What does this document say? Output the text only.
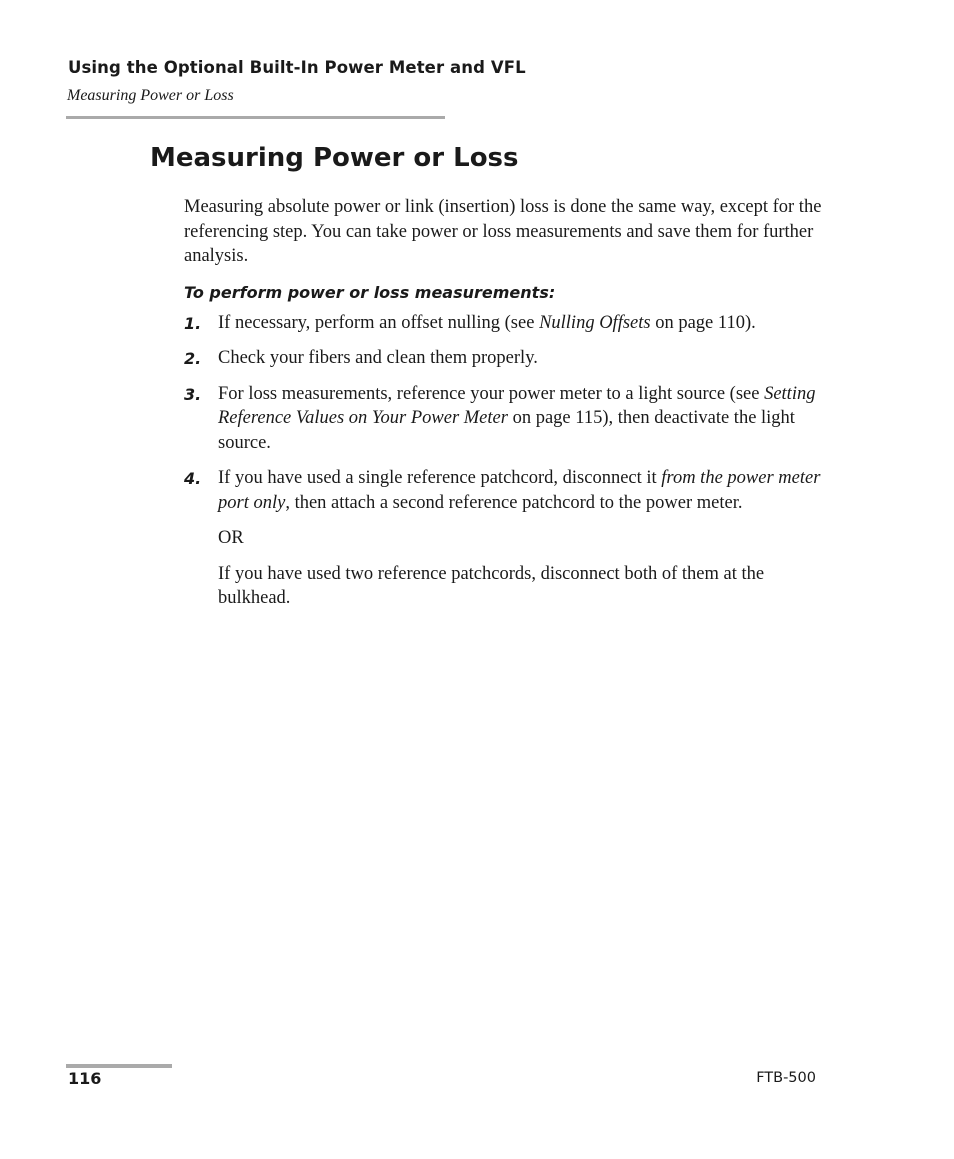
Using the Optional Built-In Power Meter and VFL
Measuring Power or Loss
Measuring Power or Loss

Measuring absolute power or link (insertion) loss is done the same way, except for the referencing step. You can take power or loss measurements and save them for further analysis.

To perform power or loss measurements:

1. If necessary, perform an offset nulling (see Nulling Offsets on page 110).

2. Check your fibers and clean them properly.

3. For loss measurements, reference your power meter to a light source (see Setting Reference Values on Your Power Meter on page 115), then deactivate the light source.

4. If you have used a single reference patchcord, disconnect it from the power meter port only, then attach a second reference patchcord to the power meter.

OR

If you have used two reference patchcords, disconnect both of them at the bulkhead.

116	FTB-500
